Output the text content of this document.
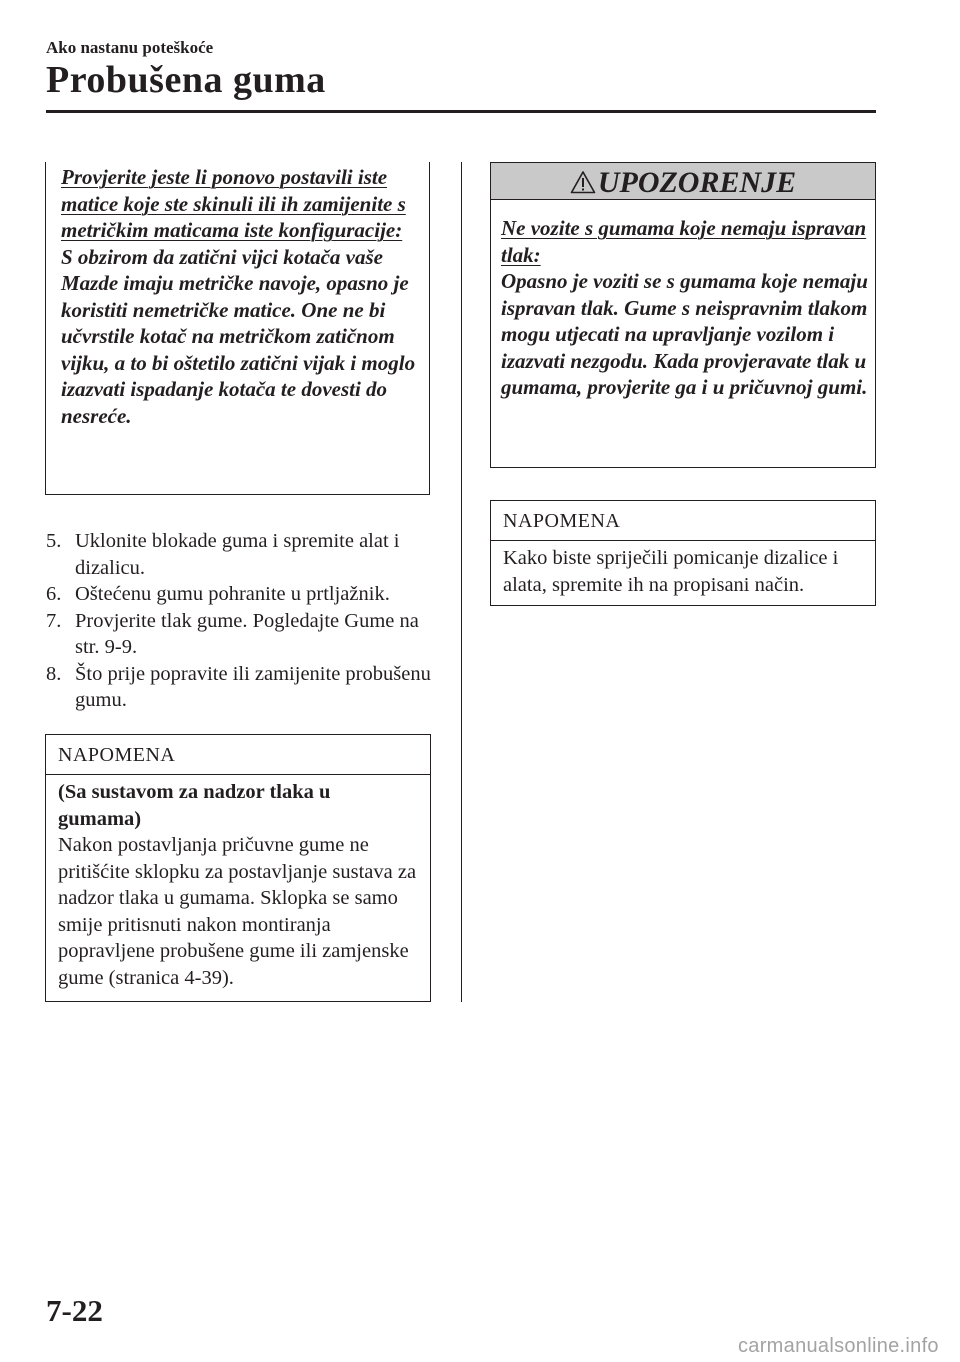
Ako nastanu poteškoće
Probušena guma
Provjerite jeste li ponovo postavili iste matice koje ste skinuli ili ih zamijenite s metričkim maticama iste konfiguracije:
S obzirom da zatični vijci kotača vaše Mazde imaju metričke navoje, opasno je koristiti nemetričke matice. One ne bi učvrstile kotač na metričkom zatičnom vijku, a to bi oštetilo zatični vijak i moglo izazvati ispadanje kotača te dovesti do nesreće.
5. Uklonite blokade guma i spremite alat i dizalicu.
6. Oštećenu gumu pohranite u prtljažnik.
7. Provjerite tlak gume. Pogledajte Gume na str. 9-9.
8. Što prije popravite ili zamijenite probušenu gumu.
NAPOMENA
(Sa sustavom za nadzor tlaka u gumama)
Nakon postavljanja pričuvne gume ne pritišćite sklopku za postavljanje sustava za nadzor tlaka u gumama. Sklopka se samo smije pritisnuti nakon montiranja popravljene probušene gume ili zamjenske gume (stranica 4-39).
UPOZORENJE
Ne vozite s gumama koje nemaju ispravan tlak:
Opasno je voziti se s gumama koje nemaju ispravan tlak. Gume s neispravnim tlakom mogu utjecati na upravljanje vozilom i izazvati nezgodu. Kada provjeravate tlak u gumama, provjerite ga i u pričuvnoj gumi.
NAPOMENA
Kako biste spriječili pomicanje dizalice i alata, spremite ih na propisani način.
7-22
carmanualsonline.info
